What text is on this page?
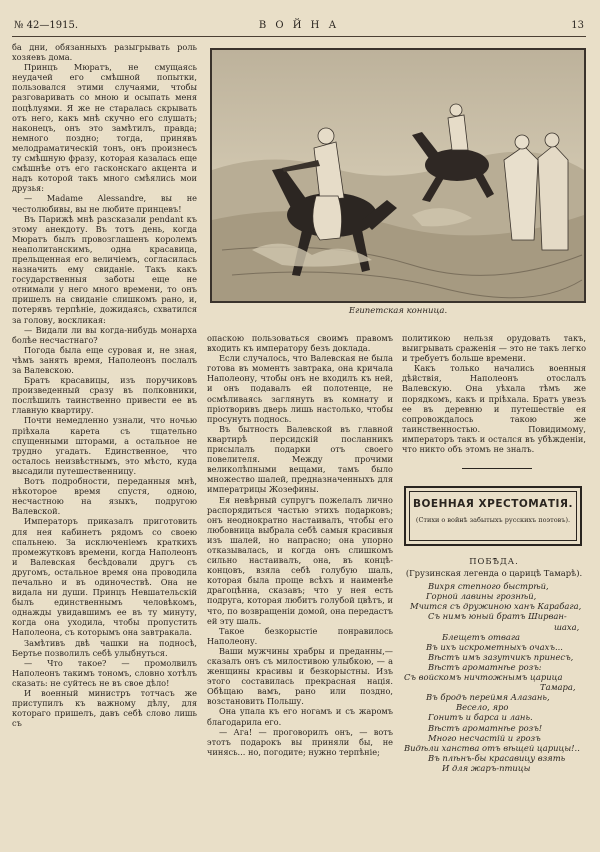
№ 42—1915.	В О Й Н А	13

ба дни, обязанныхъ разыгрывать роль хозяевъ дома.

Принцъ Мюратъ, не смущаясь неудачей его смѣшной попытки, пользовался этими случаями, чтобы разговаривать со мною и осыпать меня поцѣлуями. Я же не старалась скрывать отъ него, какъ мнѣ скучно его слушать; наконецъ, онъ это замѣтилъ, правда; немного поздно; тогда, принявъ мелодраматическій тонъ, онъ произнесъ ту смѣшную фразу, которая казалась еще смѣшнѣе отъ его гасконскаго акцента и надъ которой такъ много смѣялись мои друзья:

— Madame Alessandre, вы не честолюбивы, вы не любите принцевъ!

Въ Парижѣ мнѣ разсказали pendant къ этому анекдоту. Въ тотъ день, когда Мюратъ былъ провозглашенъ королемъ неаполитанскимъ, одна красавица, прельщенная его величіемъ, согласилась назначить ему свиданіе. Такъ какъ государственныя заботы еще не отнимали у него много времени, то онъ пришелъ на свиданіе слишкомъ рано, и, потерявъ терпѣніе, дожидаясь, схватился за голову, воскликая:

— Видали ли вы когда-нибудь монарха болѣе несчастнаго?

Погода была еще суровая и, не зная, чѣмъ занять время, Наполеонъ послалъ за Валевскою.

Братъ красавицы, изъ поручиковъ произведенный сразу въ полковники, послѣшилъ таинственно привести ее въ главную квартиру.

Почти немедленно узнали, что ночью пріѣхала карета съ тщательно спущенными шторами, а остальное не трудно угадать. Единственное, что осталось неизвѣстнымъ, это мѣсто, куда высадили путешественницу.

Вотъ подробности, переданныя мнѣ, нѣкоторое время спустя, одною, несчастною на языкъ, подругою Валевской.

Императоръ приказалъ приготовить для нея кабинетъ рядомъ со своею спальнею. За исключеніемъ краткихъ промежутковъ времени, когда Наполеонъ и Валевская бесѣдовали другъ съ другомъ, остальное время она проводила печально и въ одиночествѣ. Она не видала ни души. Принцъ Невшательскій былъ единственнымъ человѣкомъ, однажды увидавшимъ ее въ ту минуту, когда она уходила, чтобы пропустить Наполеона, съ которымъ она завтракала.

Замѣтивъ двѣ чашки на подносѣ, Бертье позволилъ себѣ улыбнуться.

— Что такое? — промолвилъ Наполеонъ такимъ тономъ, словно хотѣлъ сказать: не суйтесь не въ свое дѣло!

И военный министръ тотчасъ же приступилъ къ важному дѣлу, для котораго пришелъ, давъ себѣ слово лишь съ

Египетская конница.

опаскою пользоваться своимъ правомъ входить къ императору безъ доклада.

Если случалось, что Валевская не была готова въ моментъ завтрака, она кричала Наполеону, чтобы онъ не входилъ къ ней, и онъ подавалъ ей полотенце, не осмѣливаясь заглянуть въ комнату и пріотворивъ дверь лишь настолько, чтобы просунуть поднось.

Въ бытность Валевской въ главной квартирѣ персидскій посланникъ присылалъ подарки отъ своего повелителя. Между прочими великолѣпными вещами, тамъ было множество шалей, предназначенныхъ для императрицы Жозефины.

Ея невѣрный супругъ пожелалъ лично распорядиться частью этихъ подарковъ; онъ неоднократно настаивалъ, чтобы его любовница выбрала себѣ самыя красивыя изъ шалей, но напрасно; она упорно отказывалась, и когда онъ слишкомъ сильно настаивалъ, она, въ концѣ-концовъ, взяла себѣ голубую шаль, которая была проще всѣхъ и наименѣе драгоцѣнна, сказавъ; что у нея есть подруга, которая любитъ голубой цвѣтъ, и что, по возвращеніи домой, она передастъ ей эту шаль.

Такое безкорыстіе понравилось Наполеону.

Ваши мужчины храбры и преданны,—сказалъ онъ съ милостивою улыбкою, — а женщины красивы и безкорыстны. Изъ этого составилась прекрасная нація. Обѣщаю вамъ, рано или поздно, возстановить Польшу.

Она упала къ его ногамъ и съ жаромъ благодарила его.

— Ага! — проговорилъ онъ, — вотъ этотъ подарокъ вы приняли бы, не чинясь... но, погодите; нужно терпѣніе;

политикою нельзя орудовать такъ, выигрывать сраженія — это не такъ легко и требуетъ больше времени.

Какъ только начались военныя дѣйствія, Наполеонъ отослалъ Валевскую. Она уѣхала тѣмъ же порядкомъ, какъ и пріѣхала. Братъ увезъ ее въ деревню и путешествіе ея сопровождалось такою же таинственностью. Повидимому, императоръ такъ и остался въ убѣжденіи, что никто объ этомъ не зналъ.

ВОЕННАЯ ХРЕСТОМАТІЯ.
(Стихи о войнѣ забытыхъ русскихъ поэтовъ).
ПОБѢДА.
(Грузинская легенда о царицѣ Тамарѣ).
Вихря степного быстрѣй,
Горной лавины грознѣй,
Мчится съ дружиною ханъ Карабага,
Съ нимъ юный братъ Ширван-
шаха,
Блещетъ отвага
Въ ихъ искрометныхъ очахъ...
Вѣстъ имъ зазутчикъ принесъ,
Вѣстъ ароматнѣе розъ:
Съ войскомъ ничтожнымъ царица
Тамара,
Въ бродъ переймя Алазань,
Весело, яро
Гонитъ и барса и лань.
Вѣстъ ароматнѣе розъ!
Много несчастій и грозъ
Видѣли ханства отъ вѣщей царицы!..
Въ плѣнъ-бы красавицу взять
И для жаръ-птицы
